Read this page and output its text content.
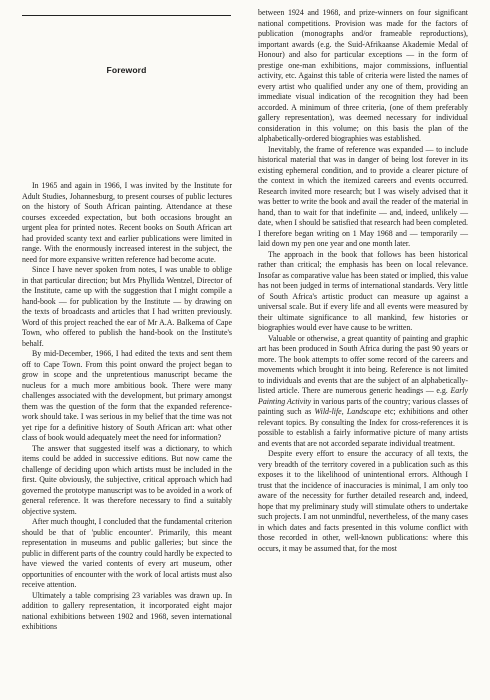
Foreword

In 1965 and again in 1966, I was invited by the Institute for Adult Studies, Johannesburg, to present courses of public lectures on the history of South African painting. Attendance at these courses exceeded expectation, but both occasions brought an urgent plea for printed notes. Recent books on South African art had provided scanty text and earlier publications were limited in range. With the enormously increased interest in the subject, the need for more expansive written reference had become acute.

Since I have never spoken from notes, I was unable to oblige in that particular direction; but Mrs Phyllida Wentzel, Director of the Institute, came up with the suggestion that I might compile a hand-book — for publication by the Institute — by drawing on the texts of broadcasts and articles that I had written previously. Word of this project reached the ear of Mr A.A. Balkema of Cape Town, who offered to publish the hand-book on the Institute's behalf.

By mid-December, 1966, I had edited the texts and sent them off to Cape Town. From this point onward the project began to grow in scope and the unpretentious manuscript became the nucleus for a much more ambitious book. There were many challenges associated with the development, but primary amongst them was the question of the form that the expanded reference-work should take. I was serious in my belief that the time was not yet ripe for a definitive history of South African art: what other class of book would adequately meet the need for information?

The answer that suggested itself was a dictionary, to which items could be added in successive editions. But now came the challenge of deciding upon which artists must be included in the first. Quite obviously, the subjective, critical approach which had governed the prototype manuscript was to be avoided in a work of general reference. It was therefore necessary to find a suitably objective system.

After much thought, I concluded that the fundamental criterion should be that of 'public encounter'. Primarily, this meant representation in museums and public galleries; but since the public in different parts of the country could hardly be expected to have viewed the varied contents of every art museum, other opportunities of encounter with the work of local artists must also receive attention.

Ultimately a table comprising 23 variables was drawn up. In addition to gallery representation, it incorporated eight major national exhibitions between 1902 and 1968, seven international exhibitions

between 1924 and 1968, and prize-winners on four significant national competitions. Provision was made for the factors of publication (monographs and/or frameable reproductions), important awards (e.g. the Suid-Afrikaanse Akademie Medal of Honour) and also for particular exceptions — in the form of prestige one-man exhibitions, major commissions, influential activity, etc. Against this table of criteria were listed the names of every artist who qualified under any one of them, providing an immediate visual indication of the recognition they had been accorded. A minimum of three criteria, (one of them preferably gallery representation), was deemed necessary for individual consideration in this volume; on this basis the plan of the alphabetically-ordered biographies was established.

Inevitably, the frame of reference was expanded — to include historical material that was in danger of being lost forever in its existing ephemeral condition, and to provide a clearer picture of the context in which the itemized careers and events occurred. Research invited more research; but I was wisely advised that it was better to write the book and avail the reader of the material in hand, than to wait for that indefinite — and, indeed, unlikely — date, when I should be satisfied that research had been completed. I therefore began writing on 1 May 1968 and — temporarily — laid down my pen one year and one month later.

The approach in the book that follows has been historical rather than critical; the emphasis has been on local relevance. Insofar as comparative value has been stated or implied, this value has not been judged in terms of international standards. Very little of South Africa's artistic product can measure up against a universal scale. But if every life and all events were measured by their ultimate significance to all mankind, few histories or biographies would ever have cause to be written.

Valuable or otherwise, a great quantity of painting and graphic art has been produced in South Africa during the past 90 years or more. The book attempts to offer some record of the careers and movements which brought it into being. Reference is not limited to individuals and events that are the subject of an alphabetically-listed article. There are numerous generic headings — e.g. Early Painting Activity in various parts of the country; various classes of painting such as Wild-life, Landscape etc; exhibitions and other relevant topics. By consulting the Index for cross-references it is possible to establish a fairly informative picture of many artists and events that are not accorded separate individual treatment.

Despite every effort to ensure the accuracy of all texts, the very breadth of the territory covered in a publication such as this exposes it to the likelihood of unintentional errors. Although I trust that the incidence of inaccuracies is minimal, I am only too aware of the necessity for further detailed research and, indeed, hope that my preliminary study will stimulate others to undertake such projects. I am not unmindful, nevertheless, of the many cases in which dates and facts presented in this volume conflict with those recorded in other, well-known publications: where this occurs, it may be assumed that, for the most
